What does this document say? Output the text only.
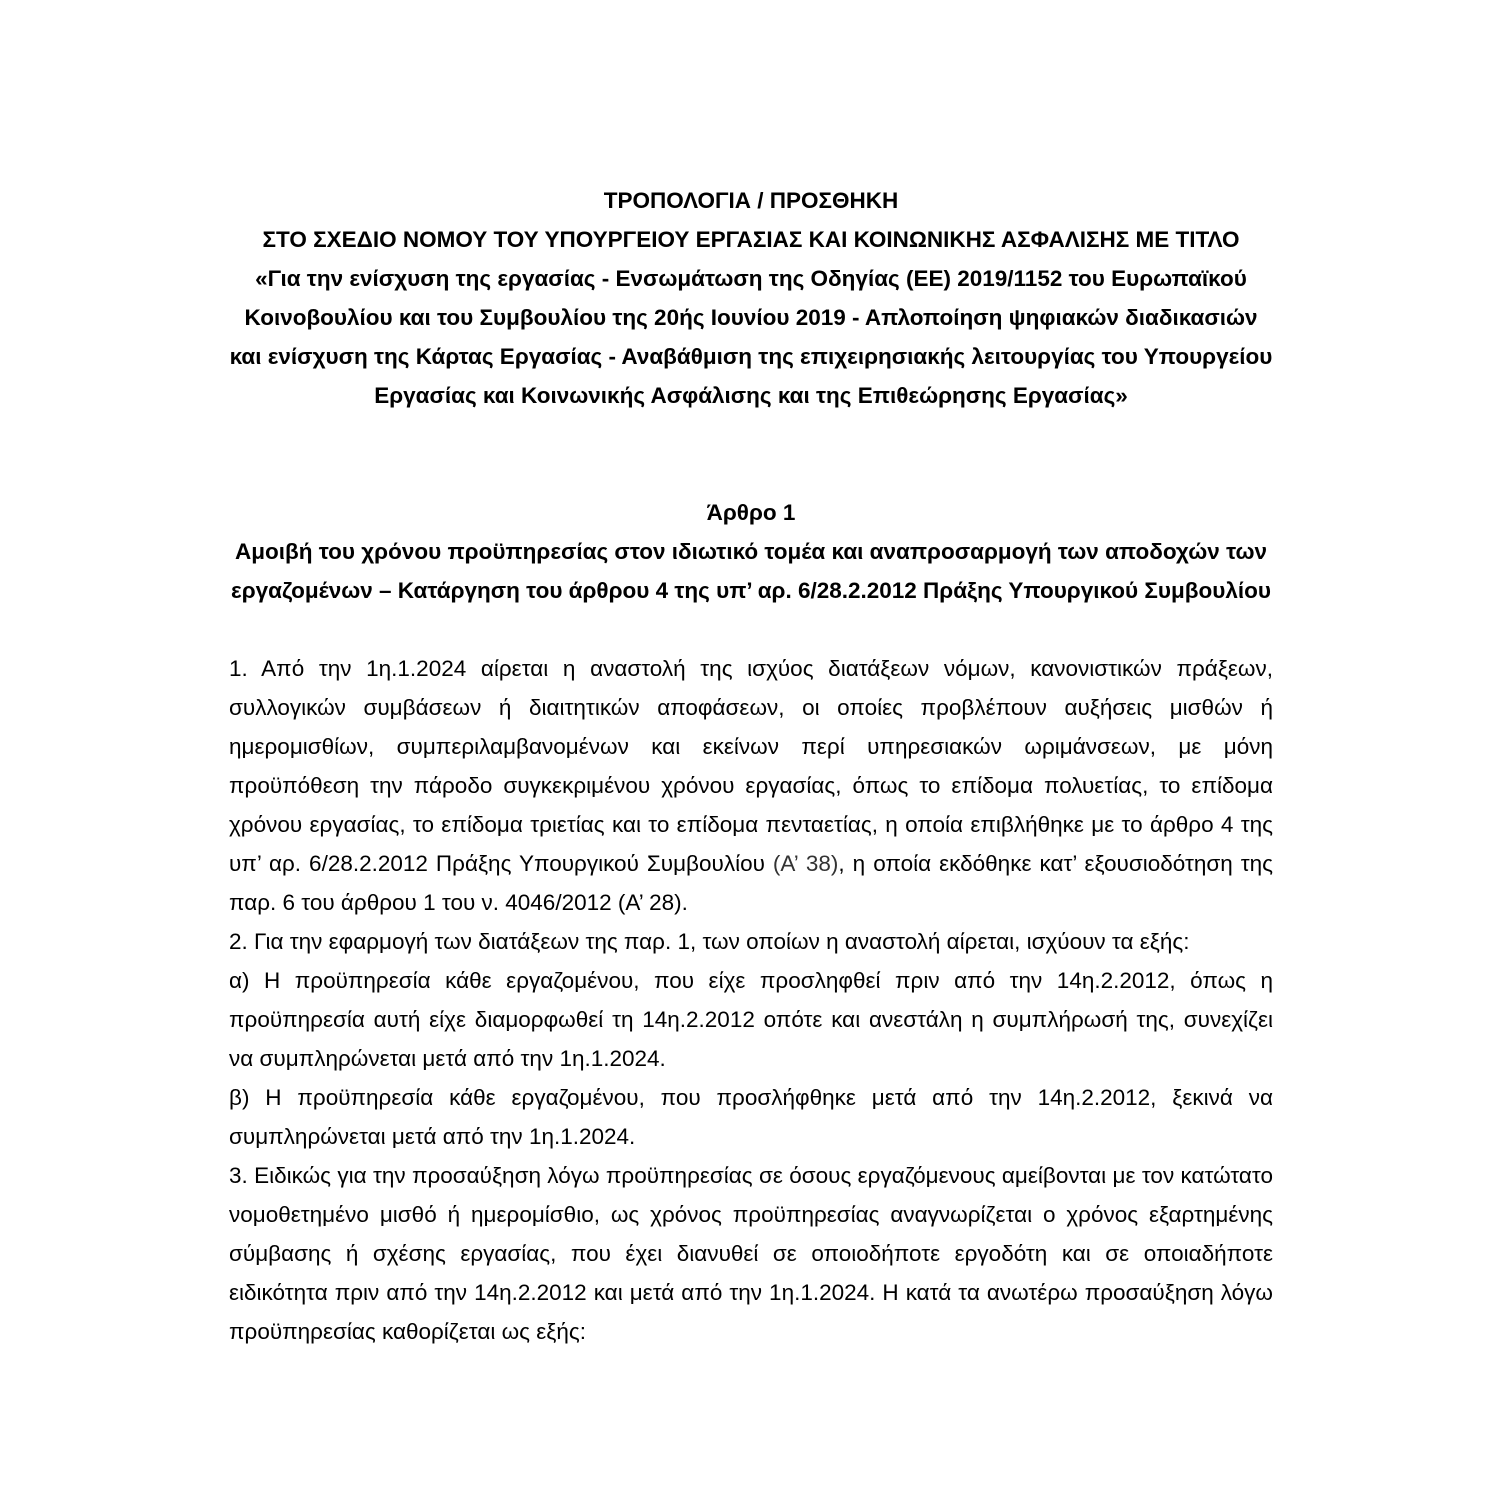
ΤΡΟΠΟΛΟΓΙΑ / ΠΡΟΣΘΗΚΗ

ΣΤΟ ΣΧΕΔΙΟ ΝΟΜΟΥ ΤΟΥ ΥΠΟΥΡΓΕΙΟΥ ΕΡΓΑΣΙΑΣ ΚΑΙ ΚΟΙΝΩΝΙΚΗΣ ΑΣΦΑΛΙΣΗΣ ΜΕ ΤΙΤΛΟ

«Για την ενίσχυση της εργασίας - Ενσωμάτωση της Οδηγίας (ΕΕ) 2019/1152 του Ευρωπαϊκού Κοινοβουλίου και του Συμβουλίου της 20ής Ιουνίου 2019 - Απλοποίηση ψηφιακών διαδικασιών και ενίσχυση της Κάρτας Εργασίας - Αναβάθμιση της επιχειρησιακής λειτουργίας του Υπουργείου Εργασίας και Κοινωνικής Ασφάλισης και της Επιθεώρησης Εργασίας»

Άρθρο 1

Αμοιβή του χρόνου προϋπηρεσίας στον ιδιωτικό τομέα και αναπροσαρμογή των αποδοχών των εργαζομένων – Κατάργηση του άρθρου 4 της υπ’ αρ. 6/28.2.2012 Πράξης Υπουργικού Συμβουλίου

1. Από την 1η.1.2024 αίρεται η αναστολή της ισχύος διατάξεων νόμων, κανονιστικών πράξεων, συλλογικών συμβάσεων ή διαιτητικών αποφάσεων, οι οποίες προβλέπουν αυξήσεις μισθών ή ημερομισθίων, συμπεριλαμβανομένων και εκείνων περί υπηρεσιακών ωριμάνσεων, με μόνη προϋπόθεση την πάροδο συγκεκριμένου χρόνου εργασίας, όπως το επίδομα πολυετίας, το επίδομα χρόνου εργασίας, το επίδομα τριετίας και το επίδομα πενταετίας, η οποία επιβλήθηκε με το άρθρο 4 της υπ’ αρ. 6/28.2.2012 Πράξης Υπουργικού Συμβουλίου (Α’ 38), η οποία εκδόθηκε κατ’ εξουσιοδότηση της παρ. 6 του άρθρου 1 του ν. 4046/2012 (Α’ 28).

2. Για την εφαρμογή των διατάξεων της παρ. 1, των οποίων η αναστολή αίρεται, ισχύουν τα εξής:

α) Η προϋπηρεσία κάθε εργαζομένου, που είχε προσληφθεί πριν από την 14η.2.2012, όπως η προϋπηρεσία αυτή είχε διαμορφωθεί τη 14η.2.2012 οπότε και ανεστάλη η συμπλήρωσή της, συνεχίζει να συμπληρώνεται μετά από την 1η.1.2024.

β) Η προϋπηρεσία κάθε εργαζομένου, που προσλήφθηκε μετά από την 14η.2.2012, ξεκινά να συμπληρώνεται μετά από την 1η.1.2024.

3. Ειδικώς για την προσαύξηση λόγω προϋπηρεσίας σε όσους εργαζόμενους αμείβονται με τον κατώτατο νομοθετημένο μισθό ή ημερομίσθιο, ως χρόνος προϋπηρεσίας αναγνωρίζεται ο χρόνος εξαρτημένης σύμβασης ή σχέσης εργασίας, που έχει διανυθεί σε οποιοδήποτε εργοδότη και σε οποιαδήποτε ειδικότητα πριν από την 14η.2.2012 και μετά από την 1η.1.2024. Η κατά τα ανωτέρω προσαύξηση λόγω προϋπηρεσίας καθορίζεται ως εξής:
